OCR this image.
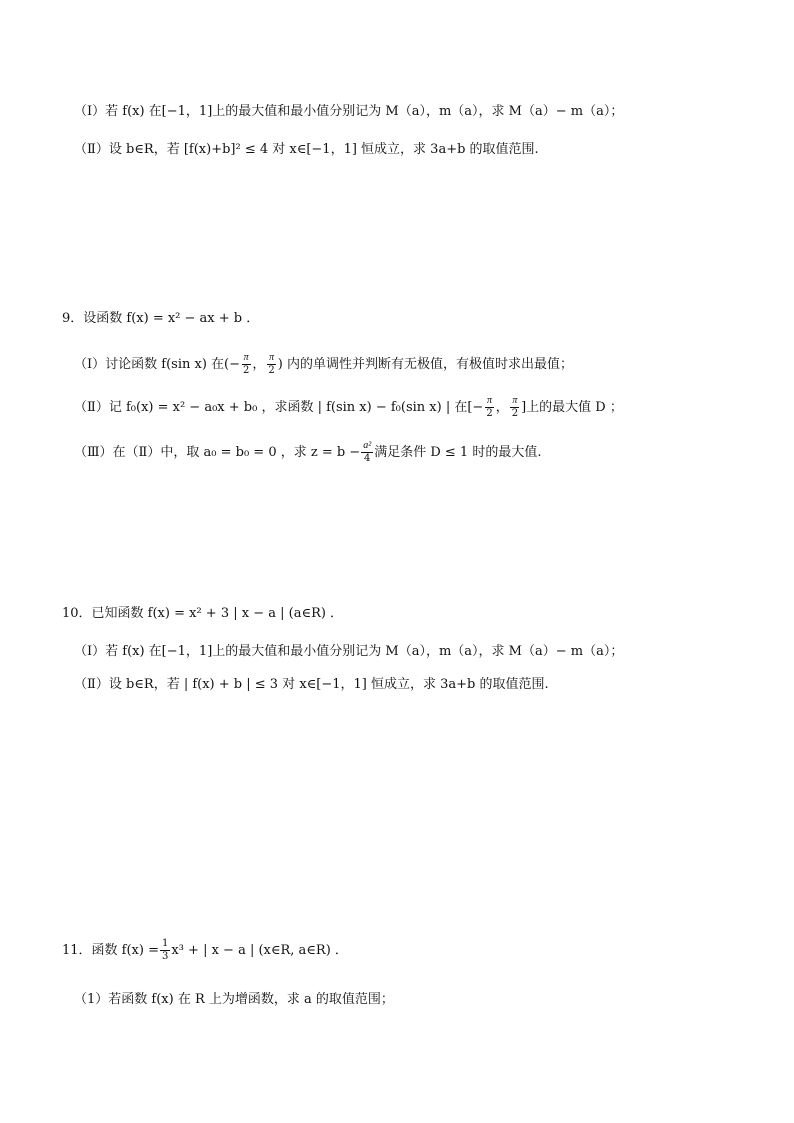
（Ⅰ）若 f(x) 在[−1，1]上的最大值和最小值分别记为 M（a），m（a），求 M（a）− m（a）；
（Ⅱ）设 b∈R，若 [f(x)+b]² ≤ 4 对 x∈[−1，1] 恒成立，求 3a+b 的取值范围.
9．设函数 f(x) = x² − ax + b ．
（Ⅰ）讨论函数 f(sin x) 在(− $\frac{\pi}{2}$ ， $\frac{\pi}{2}$ ) 内的单调性并判断有无极值，有极值时求出最值；
（Ⅱ）记 f₀(x) = x² − a₀x + b₀ ，求函数 | f(sin x) − f₀(sin x) | 在[− $\frac{\pi}{2}$ ， $\frac{\pi}{2}$ ]上的最大值 D ；
（Ⅲ）在（Ⅱ）中，取 a₀ = b₀ = 0 ，求 $z = b - \frac{\text{a²}}{4}$ 满足条件 D ≤ 1 时的最大值.
10．已知函数 f(x) = x² + 3 | x − a | (a∈R) ．
（Ⅰ）若 f(x) 在[−1，1]上的最大值和最小值分别记为 M（a），m（a），求 M（a）− m（a）；
（Ⅱ）设 b∈R，若 | f(x) + b | ≤ 3 对 x∈[−1，1] 恒成立，求 3a+b 的取值范围.
11．函数 $f(x) = \frac{1}{3} x^3$ + | x − a | (x∈R, a∈R) ．
（1）若函数 f(x) 在 R 上为增函数，求 a 的取值范围；
